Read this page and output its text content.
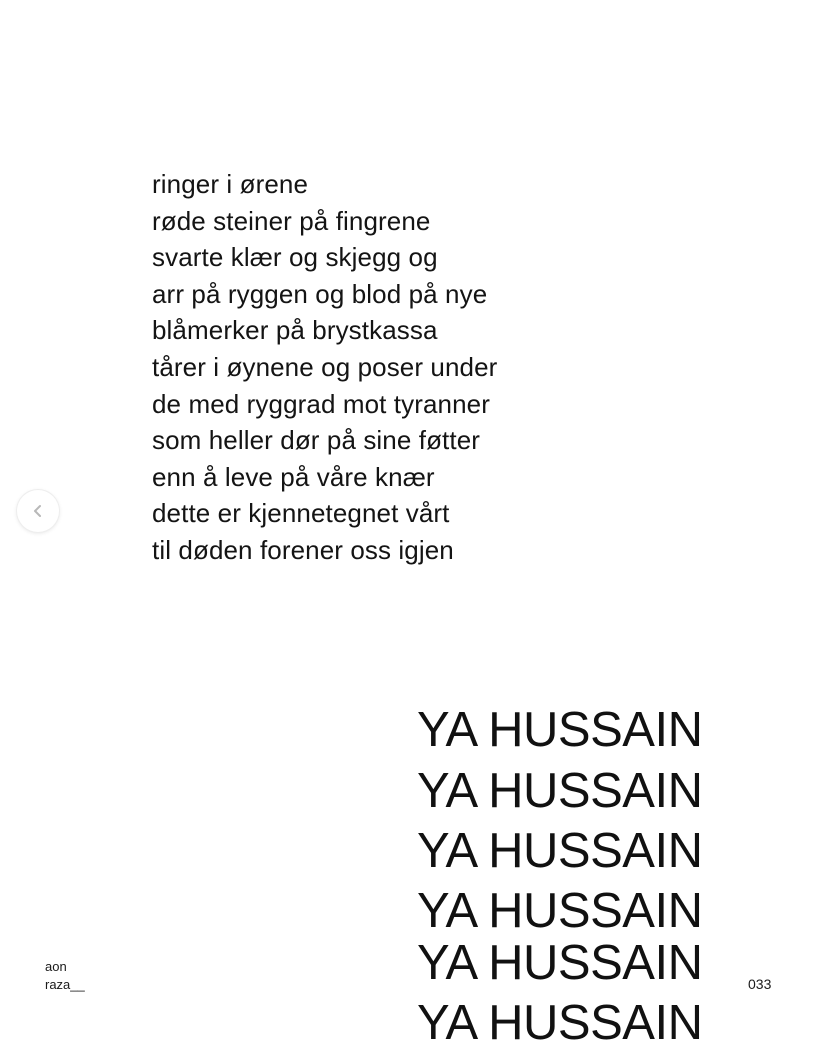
ringer i ørene
røde steiner på fingrene
svarte klær og skjegg og
arr på ryggen og blod på nye
blåmerker på brystkassa
tårer i øynene og poser under
de med ryggrad mot tyranner
som heller dør på sine føtter
enn å leve på våre knær
dette er kjennetegnet vårt
til døden forener oss igjen
YA HUSSAIN
YA HUSSAIN
YA HUSSAIN
YA HUSSAIN
YA HUSSAIN
YA HUSSAIN
aon
raza__	033
